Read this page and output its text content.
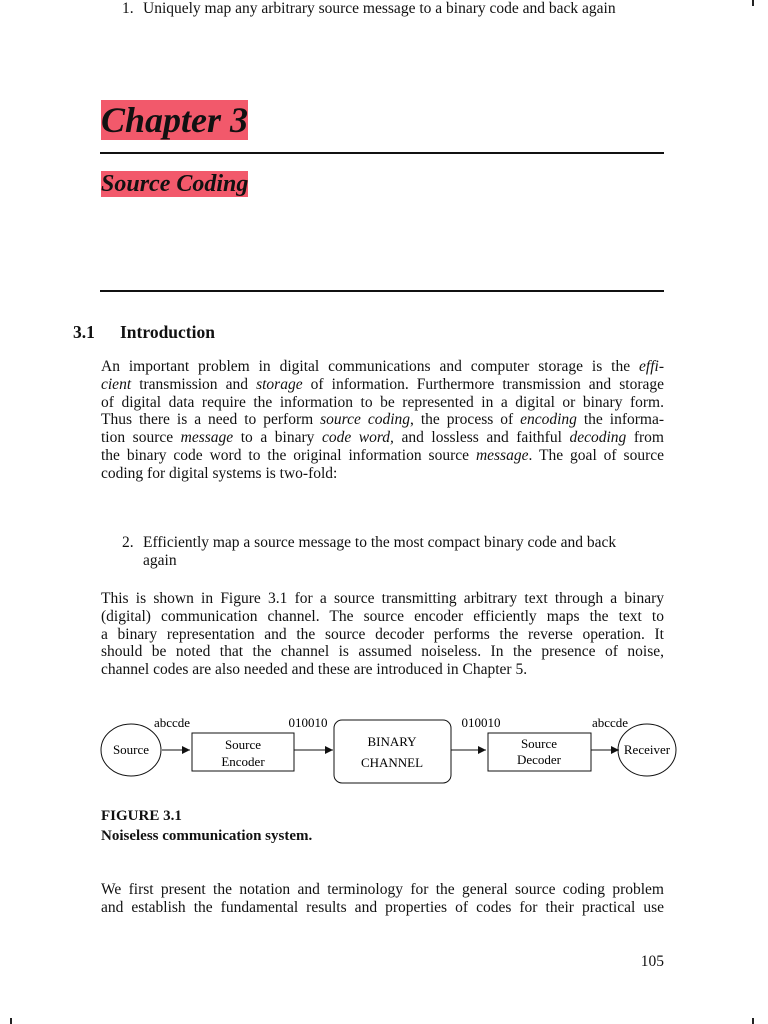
Chapter 3
Source Coding
3.1 Introduction
An important problem in digital communications and computer storage is the effi-
cient transmission and storage of information. Furthermore transmission and storage
of digital data require the information to be represented in a digital or binary form.
Thus there is a need to perform source coding, the process of encoding the informa-
tion source message to a binary code word, and lossless and faithful decoding from
the binary code word to the original information source message. The goal of source
coding for digital systems is two-fold:
1. Uniquely map any arbitrary source message to a binary code and back again
2. Efficiently map a source message to the most compact binary code and back
again
This is shown in Figure 3.1 for a source transmitting arbitrary text through a binary
(digital) communication channel. The source encoder efficiently maps the text to
a binary representation and the source decoder performs the reverse operation. It
should be noted that the channel is assumed noiseless. In the presence of noise,
channel codes are also needed and these are introduced in Chapter 5.
Source
abccde
Source
Encoder
010010
BINARY
CHANNEL
010010
Source
Decoder
abccde
Receiver

FIGURE 3.1

Noiseless communication system.

We first present the notation and terminology for the general source coding problem
and establish the fundamental results and properties of codes for their practical use

105
